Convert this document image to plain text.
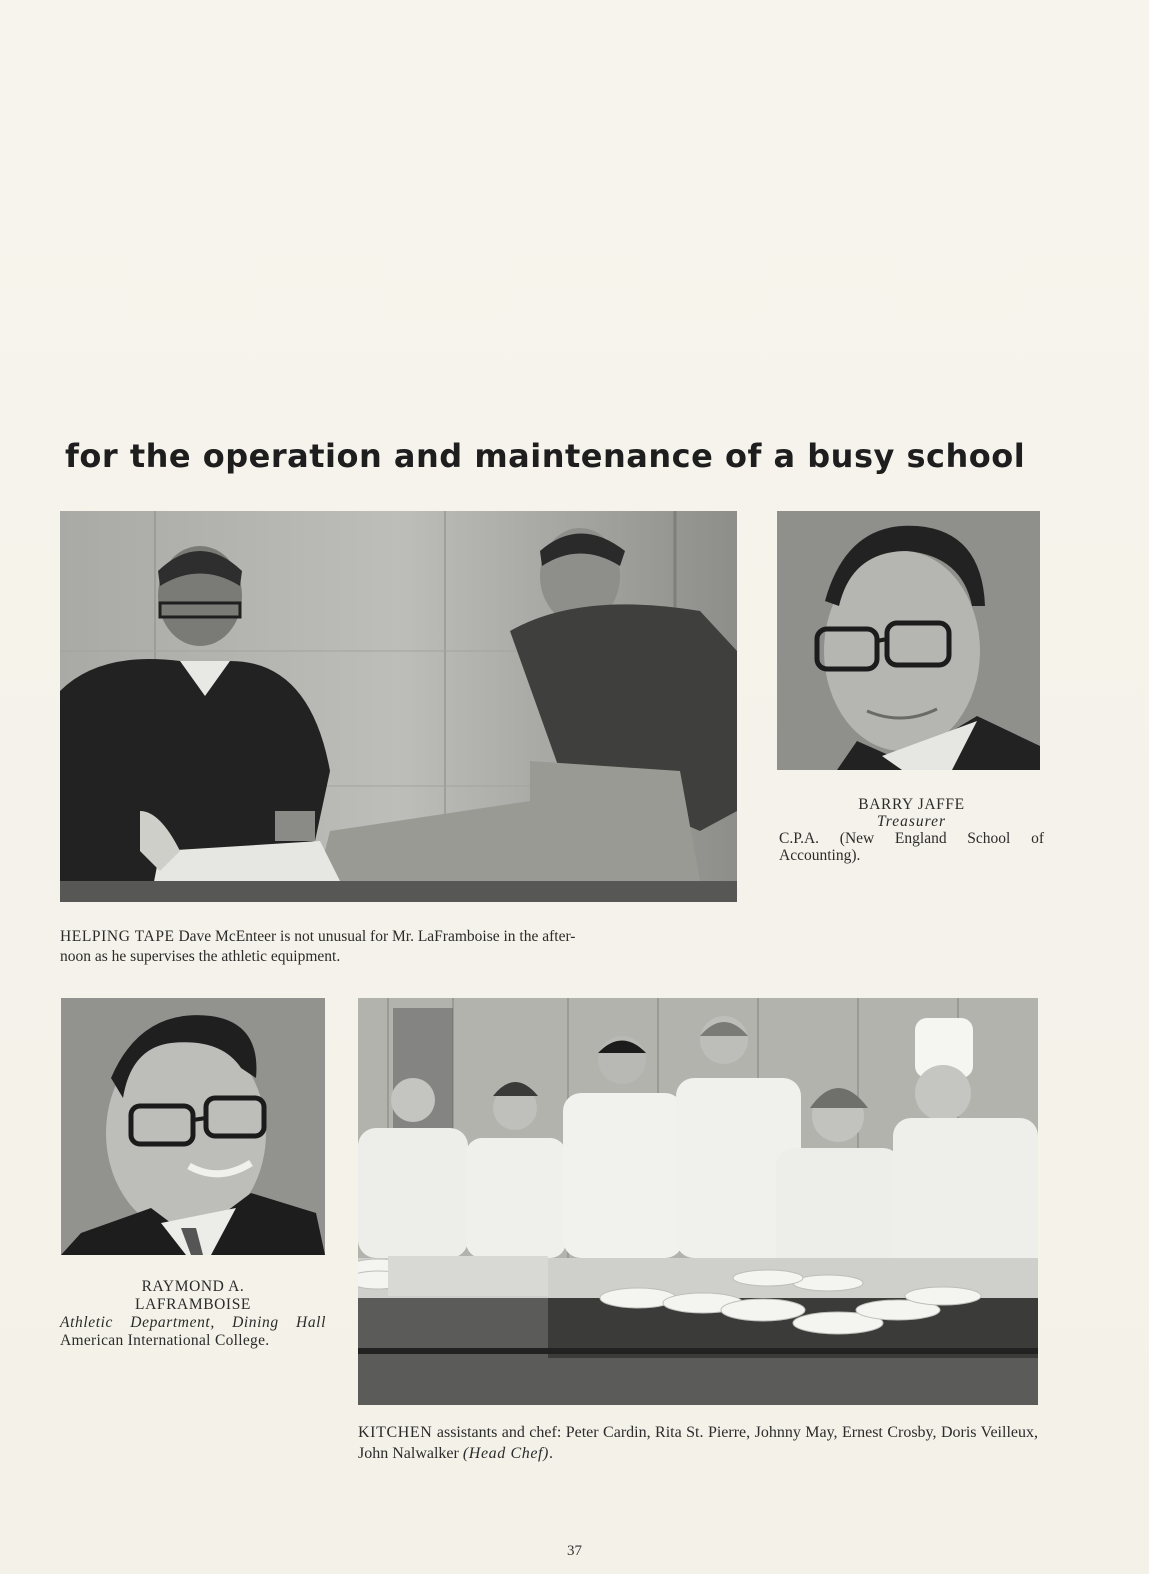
for the operation and maintenance of a busy school
BARRY JAFFE
Treasurer
C.P.A. (New England School of Accounting).
HELPING TAPE Dave McEnteer is not unusual for Mr. LaFramboise in the after-
noon as he supervises the athletic equipment.
RAYMOND A.
LAFRAMBOISE
Athletic Department, Dining Hall
American International College.
KITCHEN assistants and chef: Peter Cardin, Rita St. Pierre, Johnny May, Ernest Crosby, Doris Veilleux, John Nalwalker (Head Chef).
37
